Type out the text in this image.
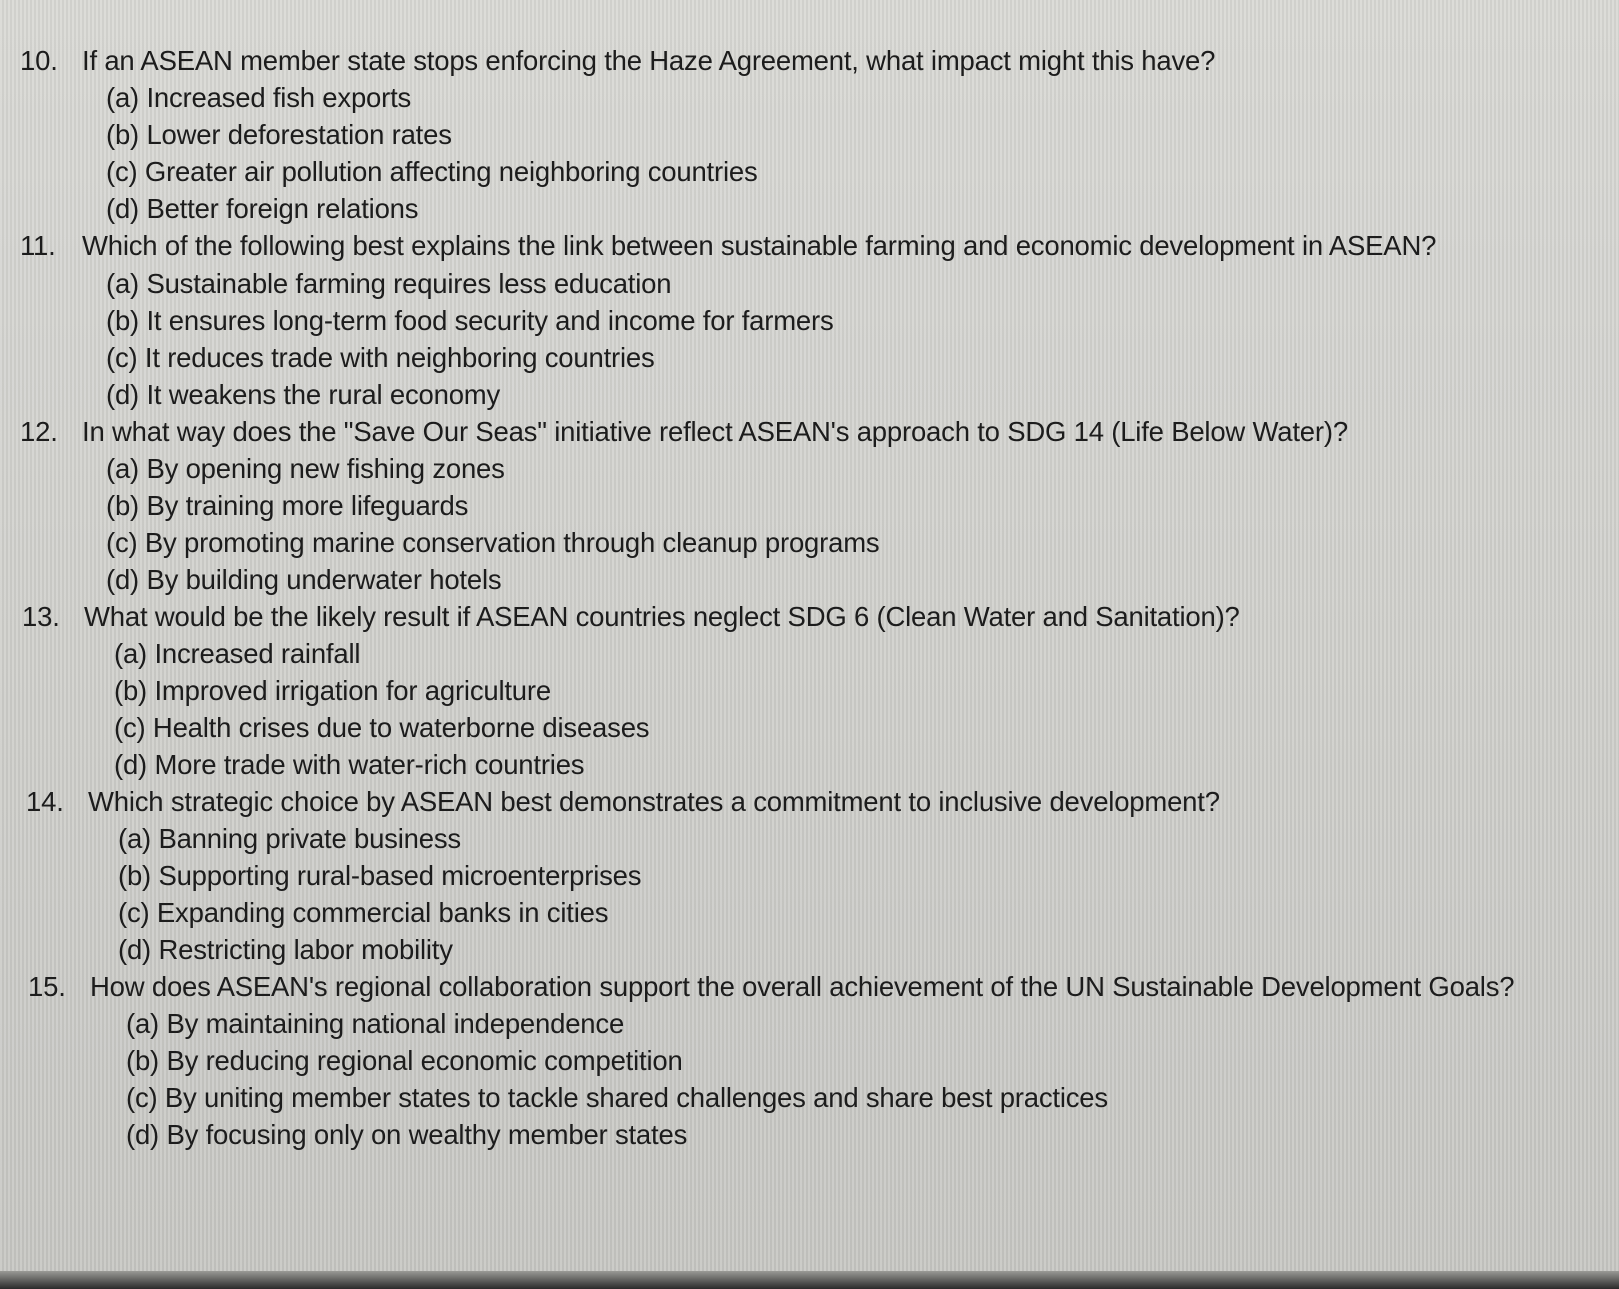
10. If an ASEAN member state stops enforcing the Haze Agreement, what impact might this have?
(a) Increased fish exports
(b) Lower deforestation rates
(c) Greater air pollution affecting neighboring countries
(d) Better foreign relations
11. Which of the following best explains the link between sustainable farming and economic development in ASEAN?
(a) Sustainable farming requires less education
(b) It ensures long-term food security and income for farmers
(c) It reduces trade with neighboring countries
(d) It weakens the rural economy
12. In what way does the "Save Our Seas" initiative reflect ASEAN's approach to SDG 14 (Life Below Water)?
(a) By opening new fishing zones
(b) By training more lifeguards
(c) By promoting marine conservation through cleanup programs
(d) By building underwater hotels
13. What would be the likely result if ASEAN countries neglect SDG 6 (Clean Water and Sanitation)?
(a) Increased rainfall
(b) Improved irrigation for agriculture
(c) Health crises due to waterborne diseases
(d) More trade with water-rich countries
14. Which strategic choice by ASEAN best demonstrates a commitment to inclusive development?
(a) Banning private business
(b) Supporting rural-based microenterprises
(c) Expanding commercial banks in cities
(d) Restricting labor mobility
15. How does ASEAN's regional collaboration support the overall achievement of the UN Sustainable Development Goals?
(a) By maintaining national independence
(b) By reducing regional economic competition
(c) By uniting member states to tackle shared challenges and share best practices
(d) By focusing only on wealthy member states
